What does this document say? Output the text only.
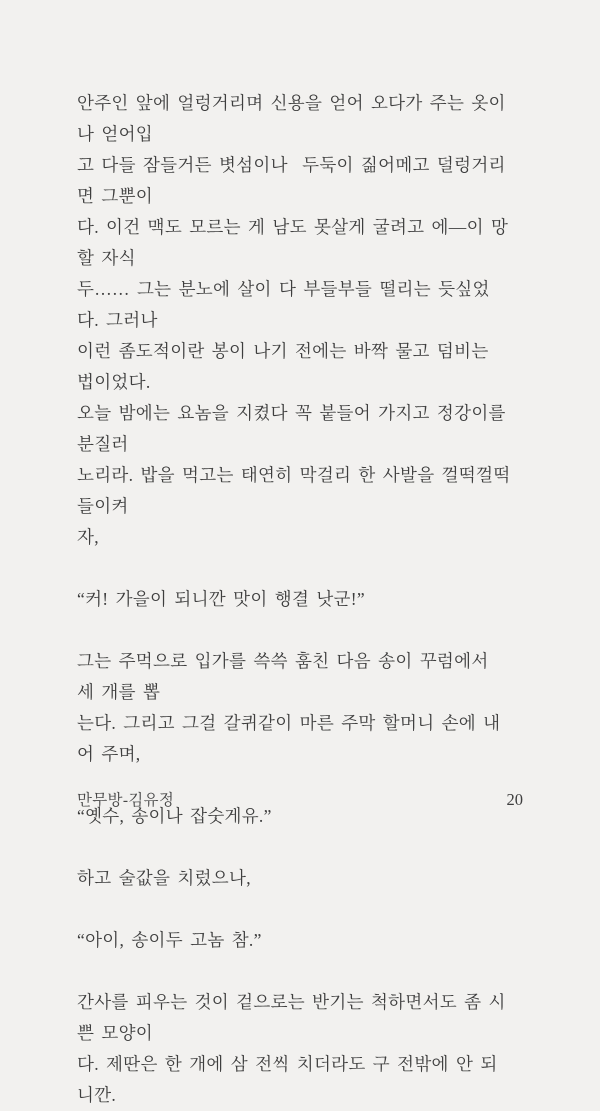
안주인 앞에 얼렁거리며 신용을 얻어 오다가 주는 옷이나 얻어입
고 다들 잠들거든 볏섬이나  두둑이 짊어메고 덜렁거리면 그뿐이
다. 이건 맥도 모르는 게 남도 못살게 굴려고 에—이 망할 자식
두…… 그는 분노에 살이 다 부들부들 떨리는 듯싶었다. 그러나
이런 좀도적이란 봉이 나기 전에는 바짝 물고 덤비는 법이었다.
오늘 밤에는 요놈을 지켰다 꼭 붙들어 가지고 정강이를 분질러
노리라. 밥을 먹고는 태연히 막걸리 한 사발을 껄떡껄떡 들이켜
자,
“커! 가을이 되니깐 맛이 행결 낫군!”
그는 주먹으로 입가를 쓱쓱 훔친 다음 송이 꾸럼에서 세 개를 뽑
는다. 그리고 그걸 갈퀴같이 마른 주막 할머니 손에 내어 주며,
“옛수, 송이나 잡숫게유.”
하고 술값을 치렀으나,
“아이, 송이두 고놈 참.”
간사를 피우는 것이 겉으로는 반기는 척하면서도 좀 시쁜 모양이
다. 제딴은 한 개에 삼 전씩 치더라도 구 전밖에 안 되니깐.
만무방-김유정	20
